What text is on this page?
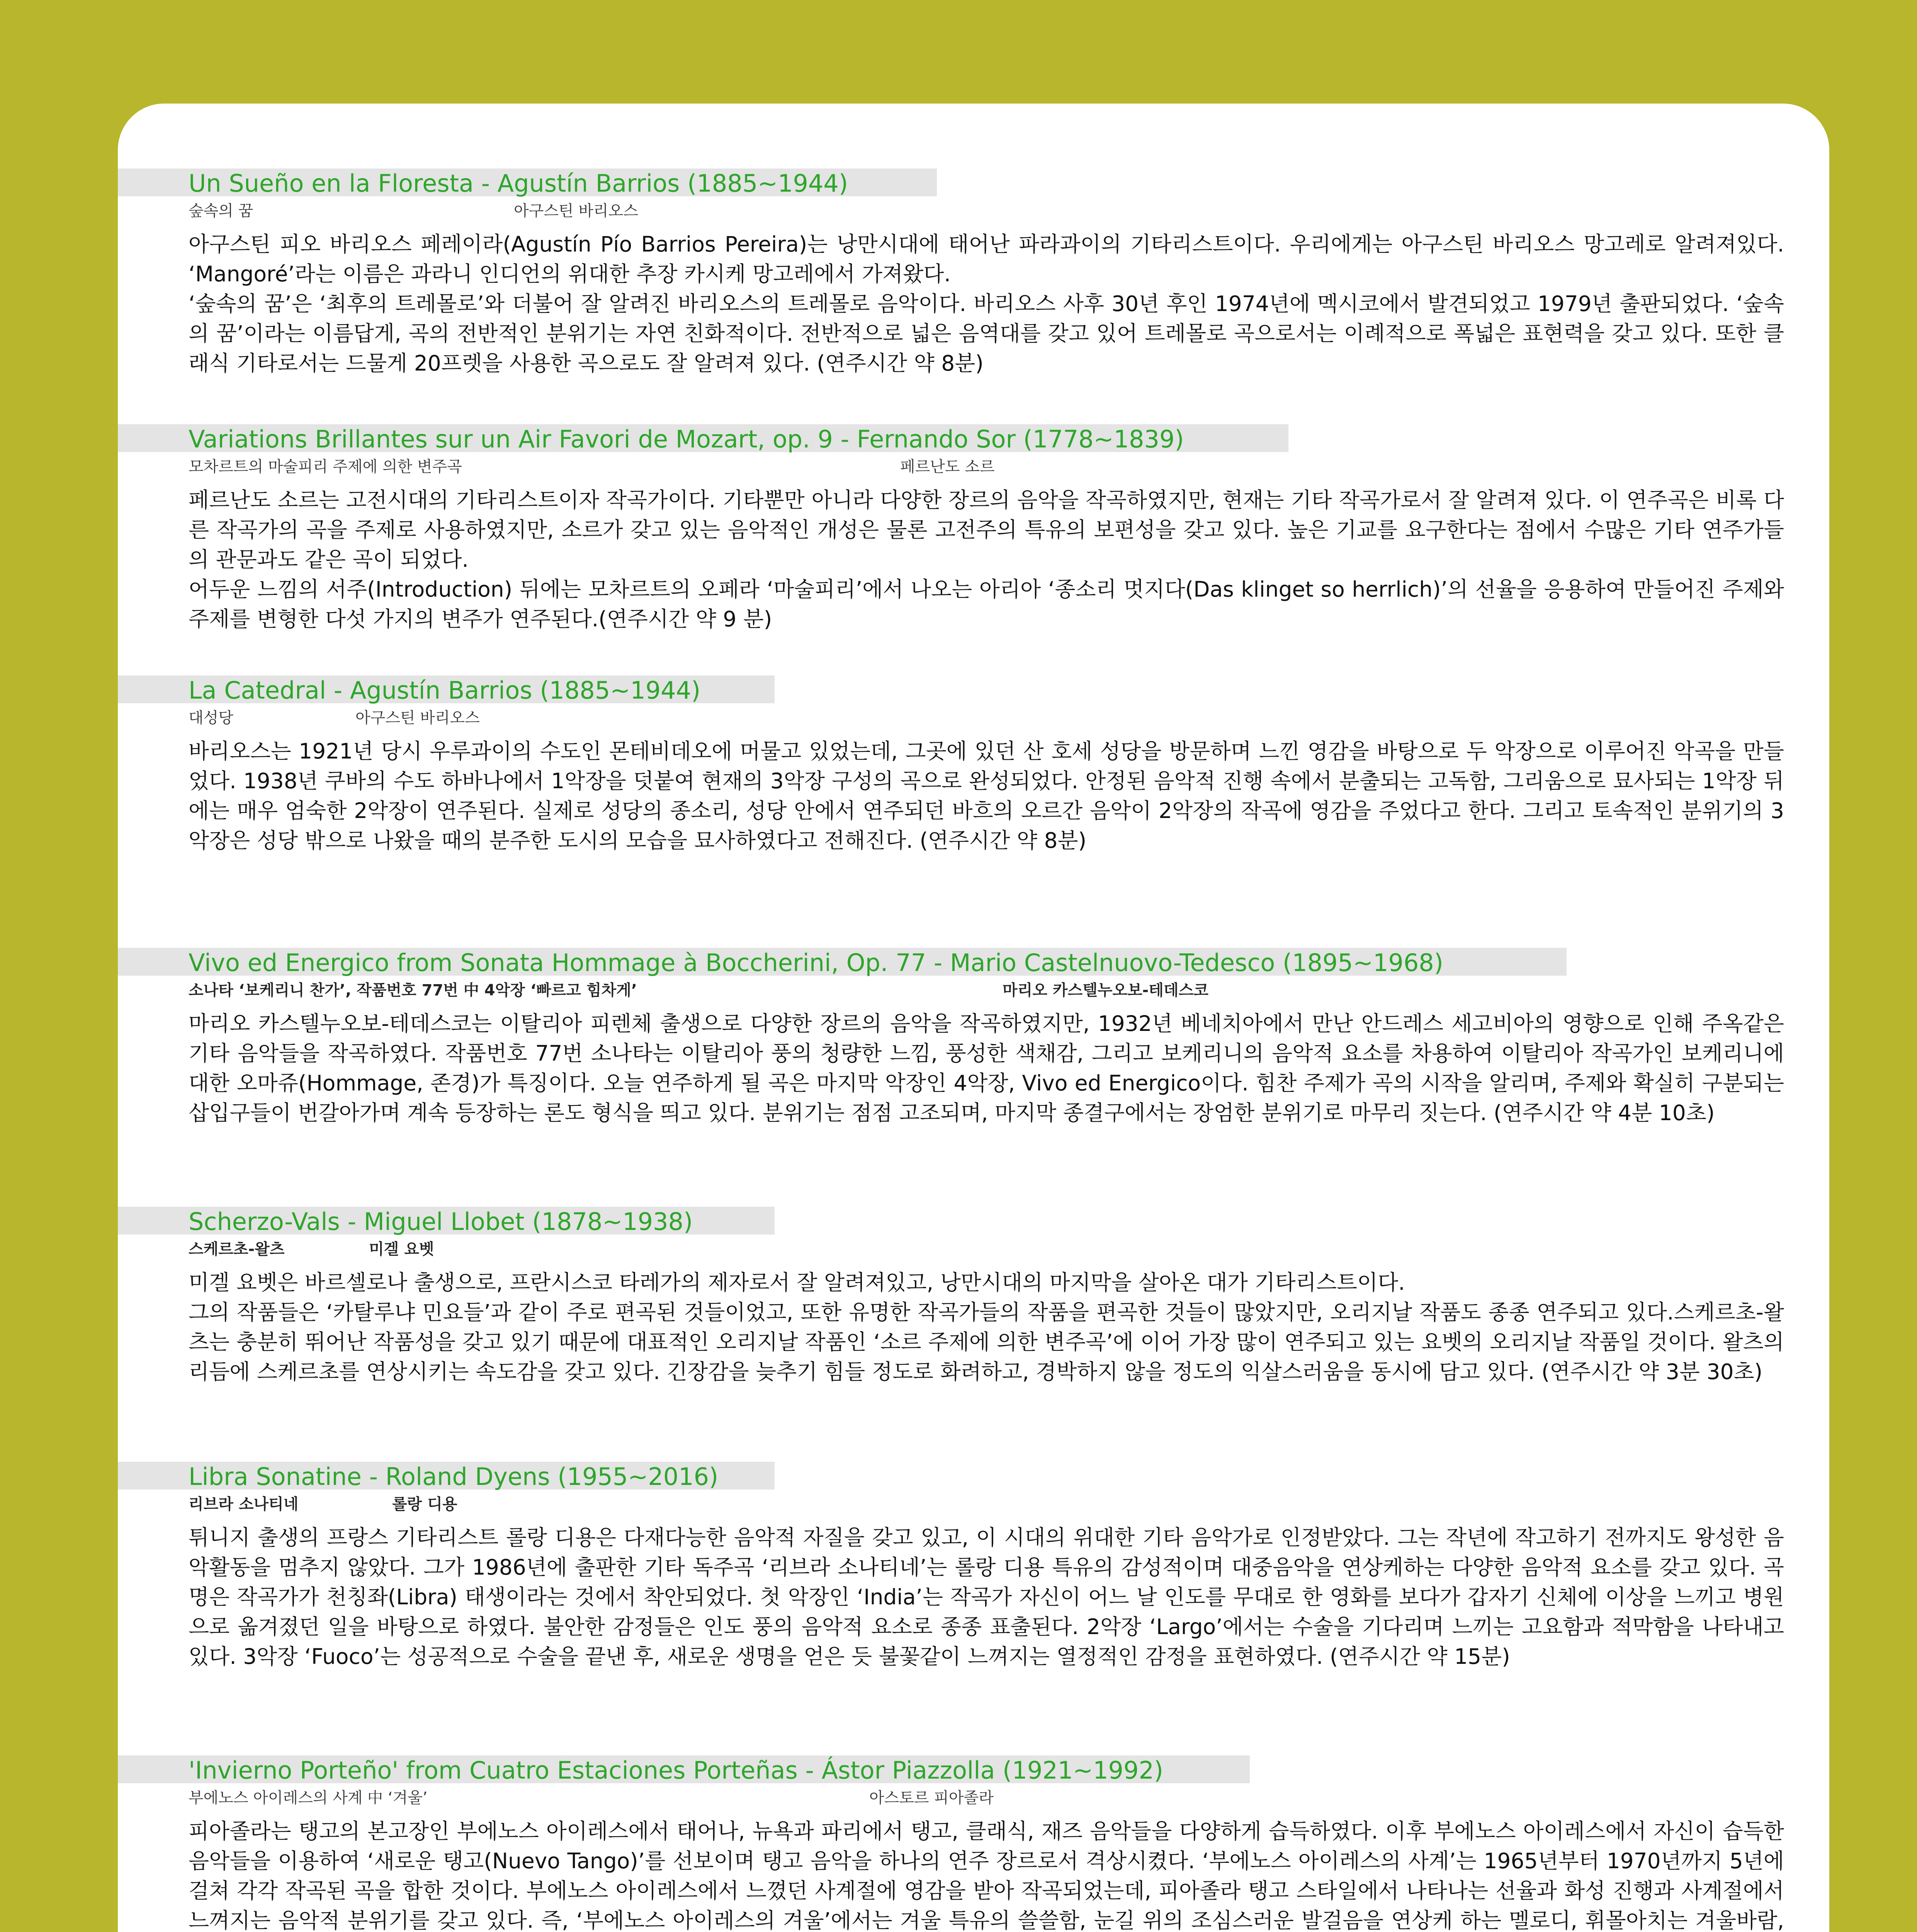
Un Sueño en la Floresta - Agustín Barrios (1885~1944)
숲속의 꿈	아구스틴 바리오스

아구스틴 피오 바리오스 페레이라(Agustín Pío Barrios Pereira)는 낭만시대에 태어난 파라과이의 기타리스트이다. 우리에게는 아구스틴 바리오스 망고레로 알려져있다. ‘Mangoré’라는 이름은 과라니 인디언의 위대한 추장 카시케 망고레에서 가져왔다.

‘숲속의 꿈’은 ‘최후의 트레몰로’와 더불어 잘 알려진 바리오스의 트레몰로 음악이다. 바리오스 사후 30년 후인 1974년에 멕시코에서 발견되었고 1979년 출판되었다. ‘숲속의 꿈’이라는 이름답게, 곡의 전반적인 분위기는 자연 친화적이다. 전반적으로 넓은 음역대를 갖고 있어 트레몰로 곡으로서는 이례적으로 폭넓은 표현력을 갖고 있다. 또한 클래식 기타로서는 드물게 20프렛을 사용한 곡으로도 잘 알려져 있다. (연주시간 약 8분)

Variations Brillantes sur un Air Favori de Mozart, op. 9 - Fernando Sor (1778~1839)
모차르트의 마술피리 주제에 의한 변주곡	페르난도 소르

페르난도 소르는 고전시대의 기타리스트이자 작곡가이다. 기타뿐만 아니라 다양한 장르의 음악을 작곡하였지만, 현재는 기타 작곡가로서 잘 알려져 있다. 이 연주곡은 비록 다른 작곡가의 곡을 주제로 사용하였지만, 소르가 갖고 있는 음악적인 개성은 물론 고전주의 특유의 보편성을 갖고 있다. 높은 기교를 요구한다는 점에서 수많은 기타 연주가들의 관문과도 같은 곡이 되었다.

어두운 느낌의 서주(Introduction) 뒤에는 모차르트의 오페라 ‘마술피리’에서 나오는 아리아 ‘종소리 멋지다(Das klinget so herrlich)’의 선율을 응용하여 만들어진 주제와 주제를 변형한 다섯 가지의 변주가 연주된다.(연주시간 약 9 분)

La Catedral - Agustín Barrios (1885~1944)
대성당	아구스틴 바리오스

바리오스는 1921년 당시 우루과이의 수도인 몬테비데오에 머물고 있었는데, 그곳에 있던 산 호세 성당을 방문하며 느낀 영감을 바탕으로 두 악장으로 이루어진 악곡을 만들었다. 1938년 쿠바의 수도 하바나에서 1악장을 덧붙여 현재의 3악장 구성의 곡으로 완성되었다. 안정된 음악적 진행 속에서 분출되는 고독함, 그리움으로 묘사되는 1악장 뒤에는 매우 엄숙한 2악장이 연주된다. 실제로 성당의 종소리, 성당 안에서 연주되던 바흐의 오르간 음악이 2악장의 작곡에 영감을 주었다고 한다. 그리고 토속적인 분위기의 3악장은 성당 밖으로 나왔을 때의 분주한 도시의 모습을 묘사하였다고 전해진다. (연주시간 약 8분)

Vivo ed Energico from Sonata Hommage à Boccherini, Op. 77 - Mario Castelnuovo-Tedesco (1895~1968)
소나타 ‘보케리니 찬가’, 작품번호 77번 中 4악장 ‘빠르고 힘차게’	마리오 카스텔누오보-테데스코

마리오 카스텔누오보-테데스코는 이탈리아 피렌체 출생으로 다양한 장르의 음악을 작곡하였지만, 1932년 베네치아에서 만난 안드레스 세고비아의 영향으로 인해 주옥같은 기타 음악들을 작곡하였다. 작품번호 77번 소나타는 이탈리아 풍의 청량한 느낌, 풍성한 색채감, 그리고 보케리니의 음악적 요소를 차용하여 이탈리아 작곡가인 보케리니에 대한 오마쥬(Hommage, 존경)가 특징이다. 오늘 연주하게 될 곡은 마지막 악장인 4악장, Vivo ed Energico이다. 힘찬 주제가 곡의 시작을 알리며, 주제와 확실히 구분되는 삽입구들이 번갈아가며 계속 등장하는 론도 형식을 띄고 있다. 분위기는 점점 고조되며, 마지막 종결구에서는 장엄한 분위기로 마무리 짓는다. (연주시간 약 4분 10초)

Scherzo-Vals - Miguel Llobet (1878~1938)
스케르초-왈츠	미겔 요벳

미겔 요벳은 바르셀로나 출생으로, 프란시스코 타레가의 제자로서 잘 알려져있고, 낭만시대의 마지막을 살아온 대가 기타리스트이다.

그의 작품들은 ‘카탈루냐 민요들’과 같이 주로 편곡된 것들이었고, 또한 유명한 작곡가들의 작품을 편곡한 것들이 많았지만, 오리지날 작품도 종종 연주되고 있다.스케르초-왈츠는 충분히 뛰어난 작품성을 갖고 있기 때문에 대표적인 오리지날 작품인 ‘소르 주제에 의한 변주곡’에 이어 가장 많이 연주되고 있는 요벳의 오리지날 작품일 것이다. 왈츠의 리듬에 스케르초를 연상시키는 속도감을 갖고 있다. 긴장감을 늦추기 힘들 정도로 화려하고, 경박하지 않을 정도의 익살스러움을 동시에 담고 있다. (연주시간 약 3분 30초)

Libra Sonatine - Roland Dyens (1955~2016)
리브라 소나티네	롤랑 디용

튀니지 출생의 프랑스 기타리스트 롤랑 디용은 다재다능한 음악적 자질을 갖고 있고, 이 시대의 위대한 기타 음악가로 인정받았다. 그는 작년에 작고하기 전까지도 왕성한 음악활동을 멈추지 않았다. 그가 1986년에 출판한 기타 독주곡 ‘리브라 소나티네’는 롤랑 디용 특유의 감성적이며 대중음악을 연상케하는 다양한 음악적 요소를 갖고 있다. 곡명은 작곡가가 천칭좌(Libra) 태생이라는 것에서 착안되었다. 첫 악장인 ‘India’는 작곡가 자신이 어느 날 인도를 무대로 한 영화를 보다가 갑자기 신체에 이상을 느끼고 병원으로 옮겨졌던 일을 바탕으로 하였다. 불안한 감정들은 인도 풍의 음악적 요소로 종종 표출된다. 2악장 ‘Largo’에서는 수술을 기다리며 느끼는 고요함과 적막함을 나타내고 있다. 3악장 ‘Fuoco’는 성공적으로 수술을 끝낸 후, 새로운 생명을 얻은 듯 불꽃같이 느껴지는 열정적인 감정을 표현하였다. (연주시간 약 15분)

'Invierno Porteño' from Cuatro Estaciones Porteñas - Ástor Piazzolla (1921~1992)
부에노스 아이레스의 사계 中 ‘겨울’	아스토르 피아졸라

피아졸라는 탱고의 본고장인 부에노스 아이레스에서 태어나, 뉴욕과 파리에서 탱고, 클래식, 재즈 음악들을 다양하게 습득하였다. 이후 부에노스 아이레스에서 자신이 습득한 음악들을 이용하여 ‘새로운 탱고(Nuevo Tango)’를 선보이며 탱고 음악을 하나의 연주 장르로서 격상시켰다. ‘부에노스 아이레스의 사계’는 1965년부터 1970년까지 5년에 걸쳐 각각 작곡된 곡을 합한 것이다. 부에노스 아이레스에서 느꼈던 사계절에 영감을 받아 작곡되었는데, 피아졸라 탱고 스타일에서 나타나는 선율과 화성 진행과 사계절에서 느껴지는 음악적 분위기를 갖고 있다. 즉, ‘부에노스 아이레스의 겨울’에서는 겨울 특유의 쓸쓸함, 눈길 위의 조심스러운 발걸음을 연상케 하는 멜로디, 휘몰아치는 겨울바람,
